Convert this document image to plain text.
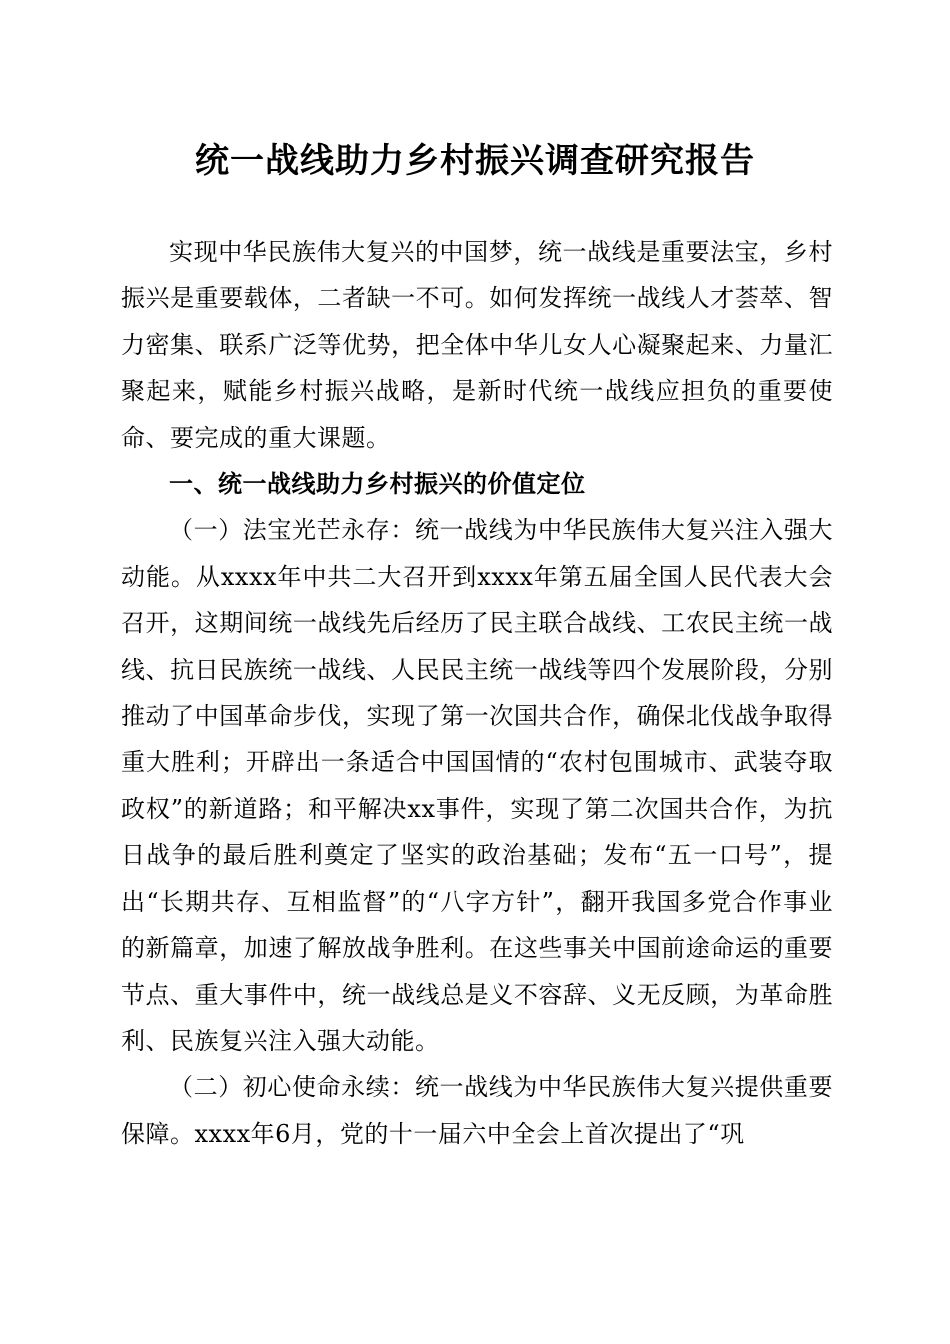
统一战线助力乡村振兴调查研究报告

实现中华民族伟大复兴的中国梦，统一战线是重要法宝，乡村振兴是重要载体，二者缺一不可。如何发挥统一战线人才荟萃、智力密集、联系广泛等优势，把全体中华儿女人心凝聚起来、力量汇聚起来，赋能乡村振兴战略，是新时代统一战线应担负的重要使命、要完成的重大课题。

一、统一战线助力乡村振兴的价值定位

（一）法宝光芒永存：统一战线为中华民族伟大复兴注入强大动能。从xxxx年中共二大召开到xxxx年第五届全国人民代表大会召开，这期间统一战线先后经历了民主联合战线、工农民主统一战线、抗日民族统一战线、人民民主统一战线等四个发展阶段，分别推动了中国革命步伐，实现了第一次国共合作，确保北伐战争取得重大胜利；开辟出一条适合中国国情的“农村包围城市、武装夺取政权”的新道路；和平解决xx事件，实现了第二次国共合作，为抗日战争的最后胜利奠定了坚实的政治基础；发布“五一口号”，提出“长期共存、互相监督”的“八字方针”，翻开我国多党合作事业的新篇章，加速了解放战争胜利。在这些事关中国前途命运的重要节点、重大事件中，统一战线总是义不容辞、义无反顾，为革命胜利、民族复兴注入强大动能。

（二）初心使命永续：统一战线为中华民族伟大复兴提供重要保障。xxxx年6月，党的十一届六中全会上首次提出了“巩
